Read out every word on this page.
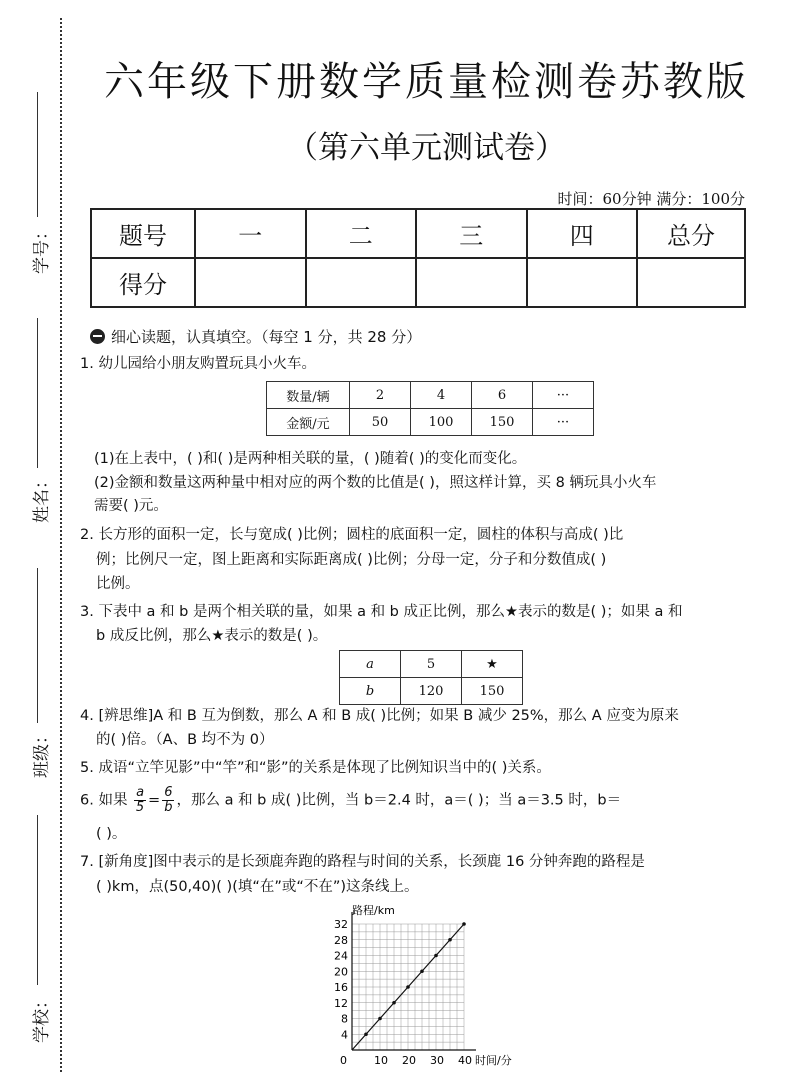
学号：
姓名：
班级：
学校：
六年级下册数学质量检测卷苏教版
（第六单元测试卷）
时间：60分钟 满分：100分
题号	一	二	三	四	总分
得分					
细心读题，认真填空。（每空 1 分，共 28 分）
1. 幼儿园给小朋友购置玩具小火车。
数量/辆	2	4	6	···
金额/元	50	100	150	···
(1)在上表中，( )和( )是两种相关联的量，( )随着( )的变化而变化。
(2)金额和数量这两种量中相对应的两个数的比值是( )，照这样计算，买 8 辆玩具小火车
需要( )元。
2. 长方形的面积一定，长与宽成( )比例；圆柱的底面积一定，圆柱的体积与高成( )比
例；比例尺一定，图上距离和实际距离成( )比例；分母一定，分子和分数值成( )
比例。
3. 下表中 a 和 b 是两个相关联的量，如果 a 和 b 成正比例，那么★表示的数是( )；如果 a 和
b 成反比例，那么★表示的数是( )。
a	5	★
b	120	150
4. [辨思维]A 和 B 互为倒数，那么 A 和 B 成( )比例；如果 B 减少 25%，那么 A 应变为原来
的( )倍。（A、B 均不为 0）
5. 成语“立竿见影”中“竿”和“影”的关系是体现了比例知识当中的( )关系。
6. 如果 $\frac{a}{5} = \frac{6}{b}$ ，那么 a 和 b 成( )比例，当 b＝2.4 时，a＝( )；当 a＝3.5 时，b＝
( )。
7. [新角度]图中表示的是长颈鹿奔跑的路程与时间的关系，长颈鹿 16 分钟奔跑的路程是
( )km，点(50,40)( )(填“在”或“不在”)这条线上。
0 10 20 30 40
4
8
12
16
20
24
28
32
路程/km
时间/分
